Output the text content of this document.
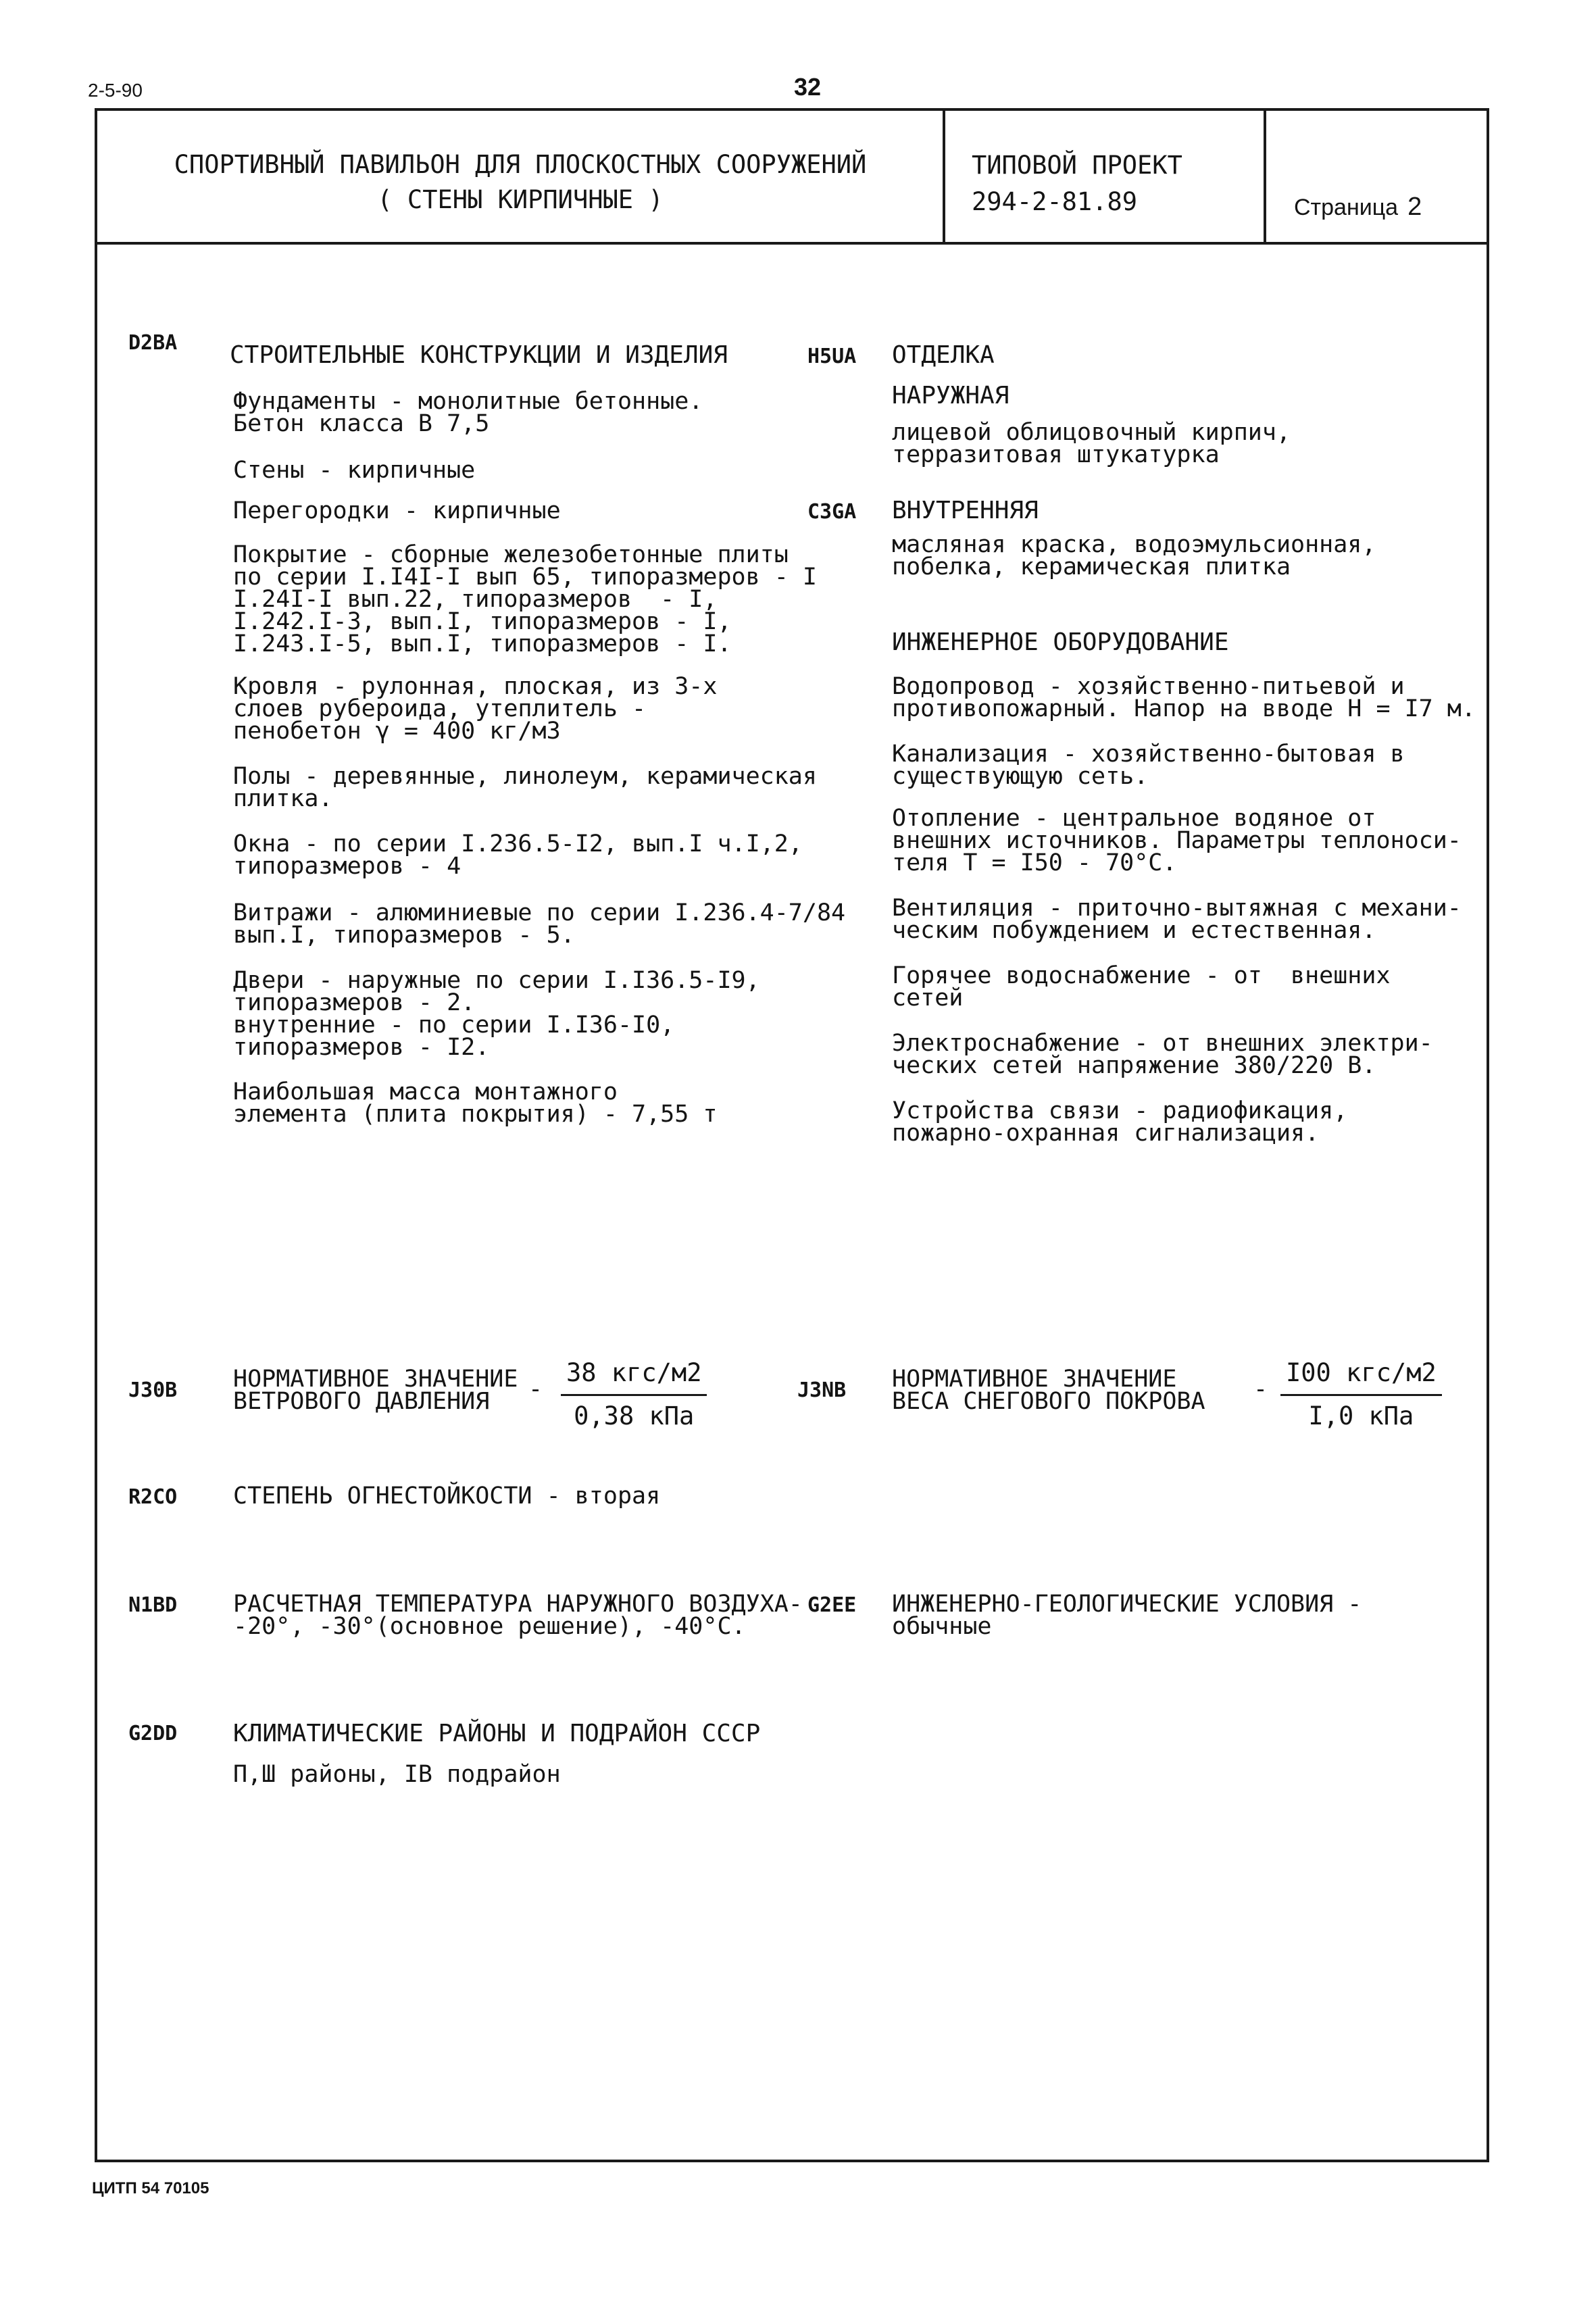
2-5-90	32
СПОРТИВНЫЙ ПАВИЛЬОН ДЛЯ ПЛОСКОСТНЫХ СООРУЖЕНИЙ
( СТЕНЫ КИРПИЧНЫЕ )
ТИПОВОЙ ПРОЕКТ
294-2-81.89	Страница 2
D2ВА СТРОИТЕЛЬНЫЕ КОНСТРУКЦИИ И ИЗДЕЛИЯ
Фундаменты - монолитные бетонные.
Бетон класса В 7,5
Стены - кирпичные
Перегородки - кирпичные
Покрытие - сборные железобетонные плиты
по серии I.I4I-I вып 65, типоразмеров - I
I.24I-I вып.22, типоразмеров  - I,
I.242.I-3, вып.I, типоразмеров - I,
I.243.I-5, вып.I, типоразмеров - I.
Кровля - рулонная, плоская, из 3-х
слоев рубероида, утеплитель -
пенобетон γ = 400 кг/м3
Полы - деревянные, линолеум, керамическая
плитка.
Окна - по серии I.236.5-I2, вып.I ч.I,2,
типоразмеров - 4
Витражи - алюминиевые по серии I.236.4-7/84
вып.I, типоразмеров - 5.
Двери - наружные по серии I.I36.5-I9,
типоразмеров - 2.
внутренние - по серии I.I36-I0,
типоразмеров - I2.
Наибольшая масса монтажного
элемента (плита покрытия) - 7,55 т
Н5UА ОТДЕЛКА
НАРУЖНАЯ
лицевой облицовочный кирпич,
терразитовая штукатурка
С3GА ВНУТРЕННЯЯ
масляная краска, водоэмульсионная,
побелка, керамическая плитка
ИНЖЕНЕРНОЕ ОБОРУДОВАНИЕ
Водопровод - хозяйственно-питьевой и
противопожарный. Напор на вводе Н = I7 м.
Канализация - хозяйственно-бытовая в
существующую сеть.
Отопление - центральное водяное от
внешних источников. Параметры теплоноси-
теля Т = I50 - 70°С.
Вентиляция - приточно-вытяжная с механи-
ческим побуждением и естественная.
Горячее водоснабжение - от  внешних
сетей
Электроснабжение - от внешних электри-
ческих сетей напряжение 380/220 В.
Устройства связи - радиофикация,
пожарно-охранная сигнализация.
J30В НОРМАТИВНОЕ ЗНАЧЕНИЕ
ВЕТРОВОГО ДАВЛЕНИЯ	-
38 кгс/м2
0,38 кПа
J3NВ НОРМАТИВНОЕ ЗНАЧЕНИЕ
ВЕСА СНЕГОВОГО ПОКРОВА -
I00 кгс/м2
I,0 кПа
R2CO СТЕПЕНЬ ОГНЕСТОЙКОСТИ - вторая
N1ВD РАСЧЕТНАЯ ТЕМПЕРАТУРА НАРУЖНОГО ВОЗДУХА-
-20°, -30°(основное решение), -40°С.
G2ЕЕ ИНЖЕНЕРНО-ГЕОЛОГИЧЕСКИЕ УСЛОВИЯ -
обычные
G2DD КЛИМАТИЧЕСКИЕ РАЙОНЫ И ПОДРАЙОН СССР
П,Ш районы, IВ подрайон
ЦИТП 54 70105
